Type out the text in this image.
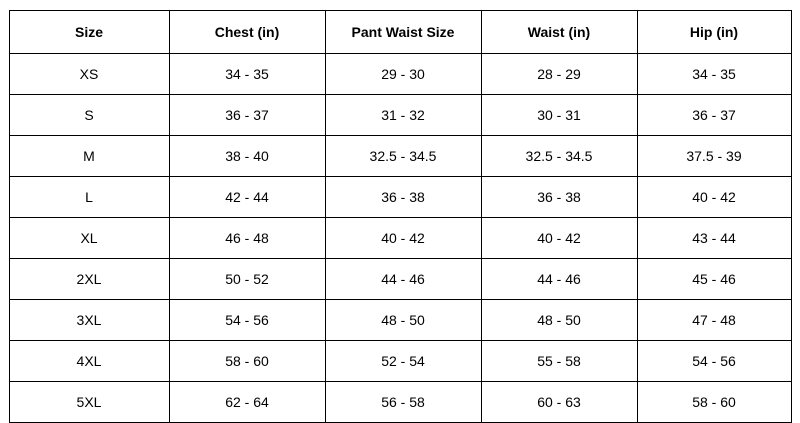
Size	Chest (in)	Pant Waist Size	Waist (in)	Hip (in)
XS	34 - 35	29 - 30	28 - 29	34 - 35
S	36 - 37	31 - 32	30 - 31	36 - 37
M	38 - 40	32.5 - 34.5	32.5 - 34.5	37.5 - 39
L	42 - 44	36 - 38	36 - 38	40 - 42
XL	46 - 48	40 - 42	40 - 42	43 - 44
2XL	50 - 52	44 - 46	44 - 46	45 - 46
3XL	54 - 56	48 - 50	48 - 50	47 - 48
4XL	58 - 60	52 - 54	55 - 58	54 - 56
5XL	62 - 64	56 - 58	60 - 63	58 - 60
